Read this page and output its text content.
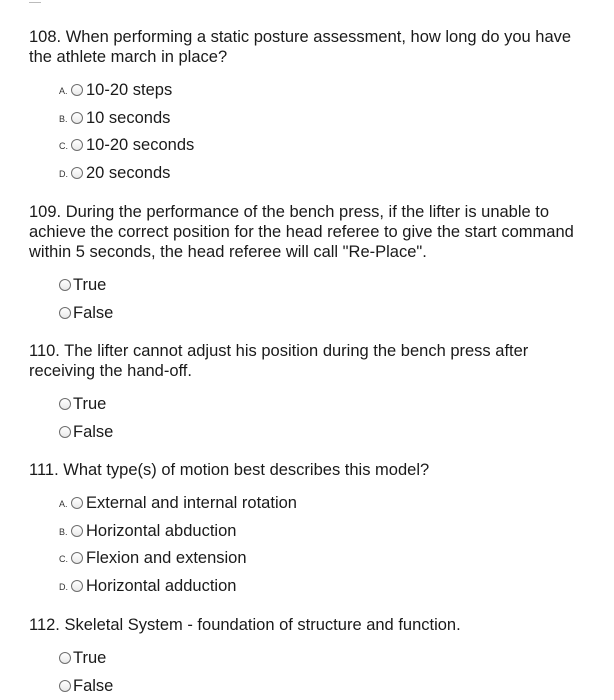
108. When performing a static posture assessment, how long do you have
the athlete march in place?

A. 10-20 steps
B. 10 seconds
C. 10-20 seconds
D. 20 seconds

109. During the performance of the bench press, if the lifter is unable to
achieve the correct position for the head referee to give the start command
within 5 seconds, the head referee will call "Re-Place".

True
False

110. The lifter cannot adjust his position during the bench press after
receiving the hand-off.

True
False

111. What type(s) of motion best describes this model?

A. External and internal rotation
B. Horizontal abduction
C. Flexion and extension
D. Horizontal adduction

112. Skeletal System - foundation of structure and function.

True
False
